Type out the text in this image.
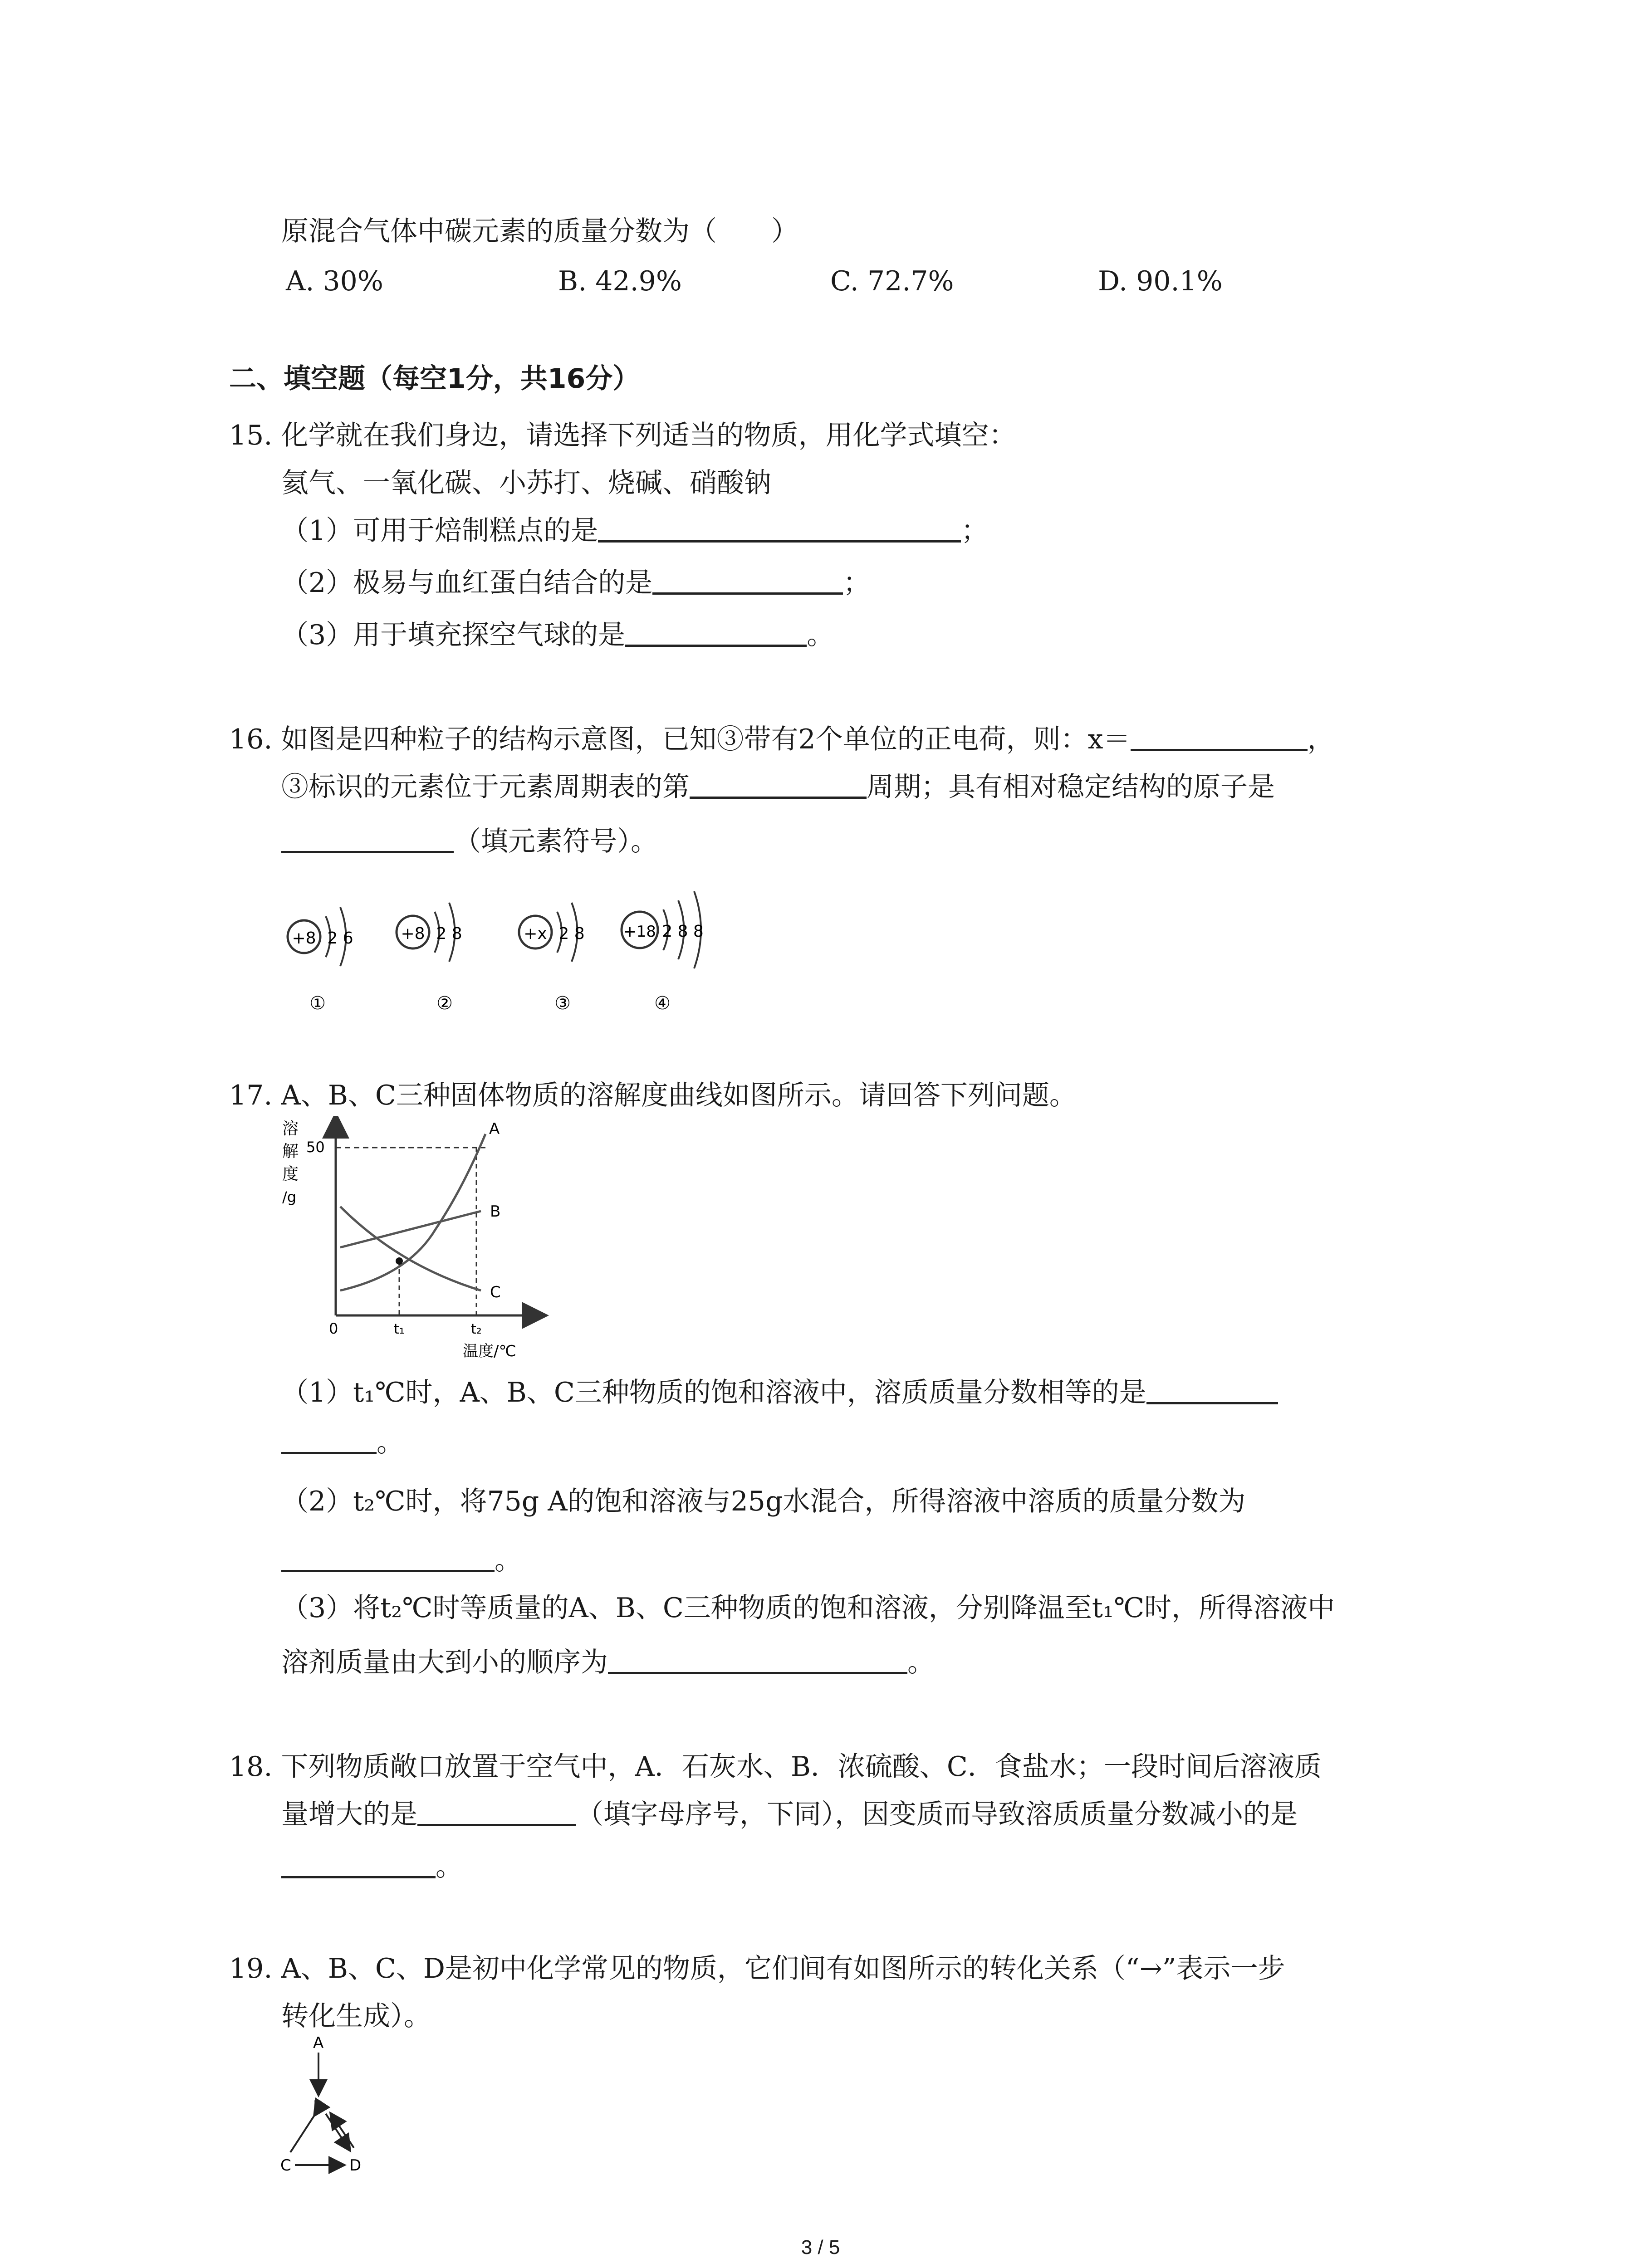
原混合气体中碳元素的质量分数为（　　）
A. 30%	B. 42.9%	C. 72.7%	D. 90.1%
二、填空题（每空1分，共16分）
15. 化学就在我们身边，请选择下列适当的物质，用化学式填空：
氦气、一氧化碳、小苏打、烧碱、硝酸钠
（1）可用于焙制糕点的是	；
（2）极易与血红蛋白结合的是	；
（3）用于填充探空气球的是	。
16. 如图是四种粒子的结构示意图，已知③带有2个单位的正电荷，则：x＝	，
③标识的元素位于元素周期表的第	周期；具有相对稳定结构的原子是
（填元素符号）。
+8 2 6
①
+8 2 8
②
+x 2 8
③
+18 2 8 8
④
17. A、B、C三种固体物质的溶解度曲线如图所示。请回答下列问题。
溶
解
度
/g
50
A
B
C
0	t₁	t₂
温度/℃
（1）t₁℃时，A、B、C三种物质的饱和溶液中，溶质质量分数相等的是
。
（2）t₂℃时，将75g A的饱和溶液与25g水混合，所得溶液中溶质的质量分数为
。
（3）将t₂℃时等质量的A、B、C三种物质的饱和溶液，分别降温至t₁℃时，所得溶液中
溶剂质量由大到小的顺序为	。
18. 下列物质敞口放置于空气中，A．石灰水、B．浓硫酸、C．食盐水；一段时间后溶液质
量增大的是	（填字母序号，下同），因变质而导致溶质质量分数减小的是
。
19. A、B、C、D是初中化学常见的物质，它们间有如图所示的转化关系（“→”表示一步
转化生成）。
A
B
C	D
3 / 5
